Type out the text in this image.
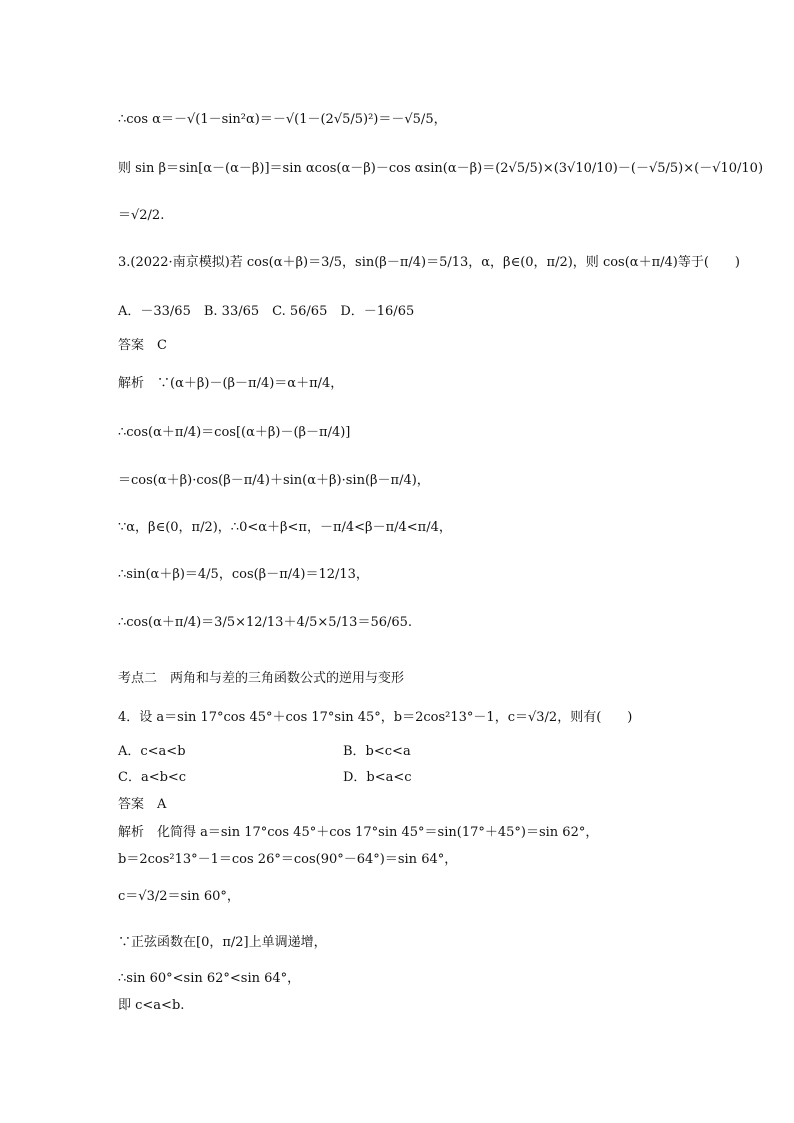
∴cos α＝－√(1－sin²α)＝－√(1－(2√5/5)²)＝－√5/5，
则 sin β＝sin[α－(α－β)]＝sin αcos(α－β)－cos αsin(α－β)＝(2√5/5)×(3√10/10)－(－√5/5)×(－√10/10)
＝√2/2.
3.(2022·南京模拟)若 cos(α＋β)＝3/5，sin(β－π/4)＝5/13，α，β∈(0，π/2)，则 cos(α＋π/4)等于(　　)
A．－33/65　B. 33/65　C. 56/65　D．－16/65
答案　C
解析　∵(α＋β)－(β－π/4)＝α＋π/4，
∴cos(α＋π/4)＝cos[(α＋β)－(β－π/4)]
＝cos(α＋β)·cos(β－π/4)＋sin(α＋β)·sin(β－π/4)，
∵α，β∈(0，π/2)，∴0<α＋β<π，－π/4<β－π/4<π/4，
∴sin(α＋β)＝4/5，cos(β－π/4)＝12/13，
∴cos(α＋π/4)＝3/5×12/13＋4/5×5/13＝56/65.
考点二　两角和与差的三角函数公式的逆用与变形
4．设 a＝sin 17°cos 45°＋cos 17°sin 45°，b＝2cos²13°－1，c＝√3/2，则有(　　)
A．c<a<b
C．a<b<c
答案　A
解析　化简得 a＝sin 17°cos 45°＋cos 17°sin 45°＝sin(17°＋45°)＝sin 62°，
b＝2cos²13°－1＝cos 26°＝cos(90°－64°)＝sin 64°，
c＝√3/2＝sin 60°，
∵正弦函数在[0，π/2]上单调递增，
∴sin 60°<sin 62°<sin 64°，
即 c<a<b.
B．b<c<a
D．b<a<c
